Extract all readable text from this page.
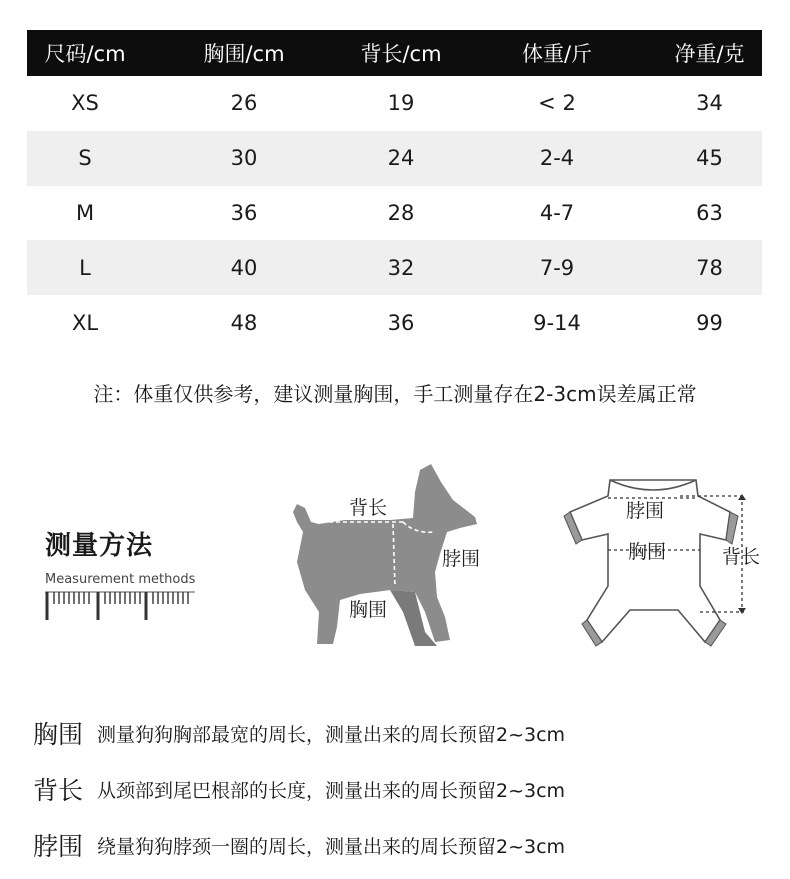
尺码/cm	胸围/cm	背长/cm	体重/斤	净重/克
XS	26	19	< 2	34
S	30	24	2-4	45
M	36	28	4-7	63
L	40	32	7-9	78
XL	48	36	9-14	99
注：体重仅供参考，建议测量胸围，手工测量存在2-3cm误差属正常
测量方法
Measurement methods
背长
脖围
胸围
脖围
胸围	背长
胸围 测量狗狗胸部最宽的周长，测量出来的周长预留2~3cm
背长 从颈部到尾巴根部的长度，测量出来的周长预留2~3cm
脖围 绕量狗狗脖颈一圈的周长，测量出来的周长预留2~3cm
